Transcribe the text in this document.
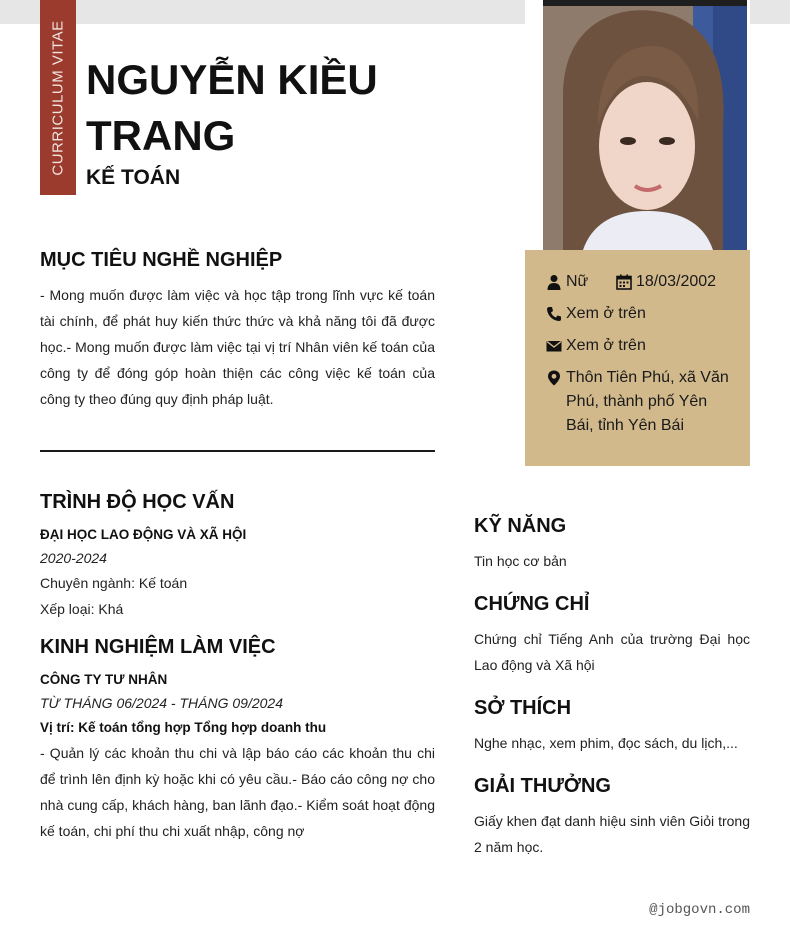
CURRICULUM VITAE NGUYỄN KIỀU TRANG
KẾ TOÁN
Nữ	18/03/2002
Xem ở trên
Xem ở trên
Thôn Tiên Phú, xã Văn Phú, thành phố Yên Bái, tỉnh Yên Bái
MỤC TIÊU NGHỀ NGHIỆP
- Mong muốn được làm việc và học tập trong lĩnh vực kế toán tài chính, để phát huy kiến thức thức và khả năng tôi đã được học.- Mong muốn được làm việc tại vị trí Nhân viên kế toán của công ty để đóng góp hoàn thiện các công việc kế toán của công ty theo đúng quy định pháp luật.
TRÌNH ĐỘ HỌC VẤN
ĐẠI HỌC LAO ĐỘNG VÀ XÃ HỘI
2020-2024
Chuyên ngành: Kế toán
Xếp loại: Khá
KINH NGHIỆM LÀM VIỆC
CÔNG TY TƯ NHÂN
TỪ THÁNG 06/2024 - THÁNG 09/2024
Vị trí: Kế toán tổng hợp Tổng hợp doanh thu
- Quản lý các khoản thu chi và lập báo cáo các khoản thu chi để trình lên định kỳ hoặc khi có yêu cầu.- Báo cáo công nợ cho nhà cung cấp, khách hàng, ban lãnh đạo.- Kiểm soát hoạt động kế toán, chi phí thu chi xuất nhập, công nợ
KỸ NĂNG
Tin học cơ bản
CHỨNG CHỈ
Chứng chỉ Tiếng Anh của trường Đại học Lao động và Xã hội
SỞ THÍCH
Nghe nhạc, xem phim, đọc sách, du lịch,...
GIẢI THƯỞNG
Giấy khen đạt danh hiệu sinh viên Giỏi trong 2 năm học.
@jobgovn.com
